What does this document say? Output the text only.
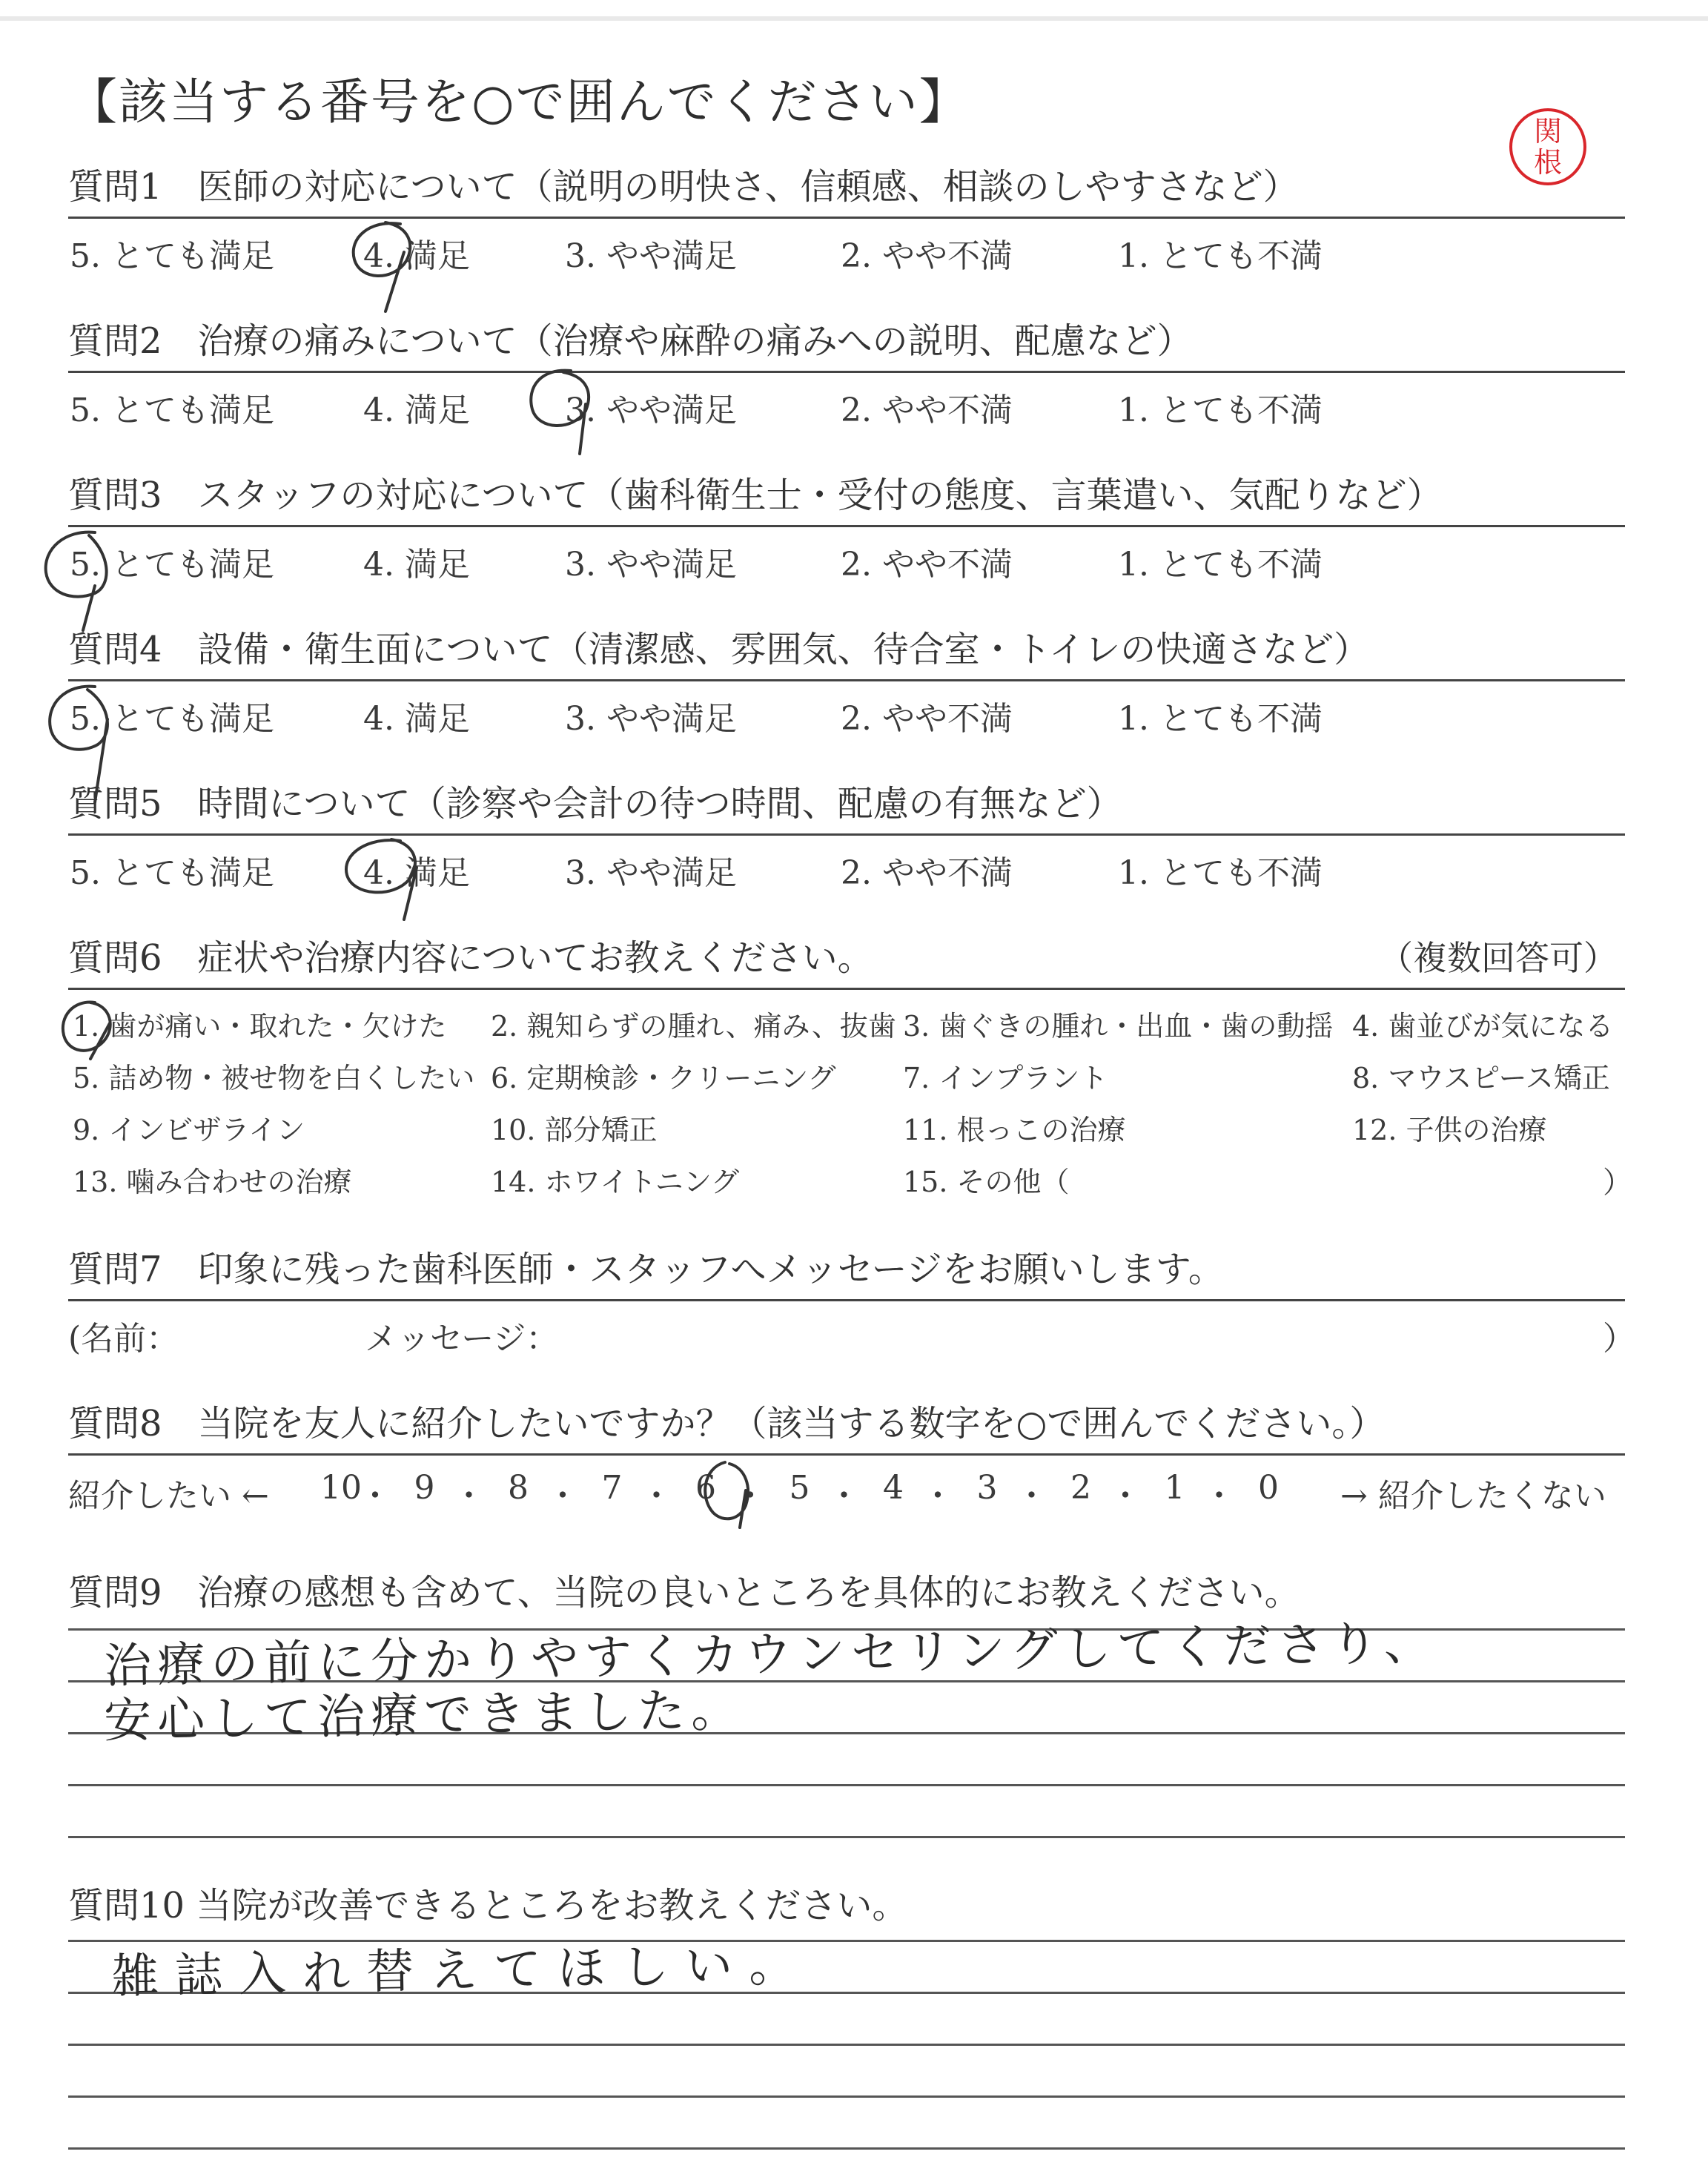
【該当する番号を○で囲んでください】
関
根
質問1　医師の対応について（説明の明快さ、信頼感、相談のしやすさなど）
5. とても満足	4. 満足	3. やや満足	2. やや不満	1. とても不満
質問2　治療の痛みについて（治療や麻酔の痛みへの説明、配慮など）
5. とても満足	4. 満足	3. やや満足	2. やや不満	1. とても不満
質問3　スタッフの対応について（歯科衛生士・受付の態度、言葉遣い、気配りなど）
5. とても満足	4. 満足	3. やや満足	2. やや不満	1. とても不満
質問4　設備・衛生面について（清潔感、雰囲気、待合室・トイレの快適さなど）
5. とても満足	4. 満足	3. やや満足	2. やや不満	1. とても不満
質問5　時間について（診察や会計の待つ時間、配慮の有無など）
5. とても満足	4. 満足	3. やや満足	2. やや不満	1. とても不満
質問6　症状や治療内容についてお教えください。	（複数回答可）
1. 歯が痛い・取れた・欠けた 2. 親知らずの腫れ、痛み、抜歯 3. 歯ぐきの腫れ・出血・歯の動揺 4. 歯並びが気になる
5. 詰め物・被せ物を白くしたい 6. 定期検診・クリーニング 7. インプラント	8. マウスピース矯正
9. インビザライン	10. 部分矯正	11. 根っこの治療	12. 子供の治療
13. 噛み合わせの治療	14. ホワイトニング	15. その他（	）
質問7　印象に残った歯科医師・スタッフへメッセージをお願いします。
(名前：	メッセージ：	）
質問8　当院を友人に紹介したいですか？（該当する数字を○で囲んでください。）
紹介したい ←	→ 紹介したくない
10
・ 9 ・ 8 ・ 7 ・ 6 ・ 5 ・ 4 ・ 3 ・ 2 ・ 1 ・ 0
質問9　治療の感想も含めて、当院の良いところを具体的にお教えください。
治療の前に分かりやすくカウンセリングしてくださり、
安心して治療できました。
質問10 当院が改善できるところをお教えください。
雑誌入れ替えてほしい。
